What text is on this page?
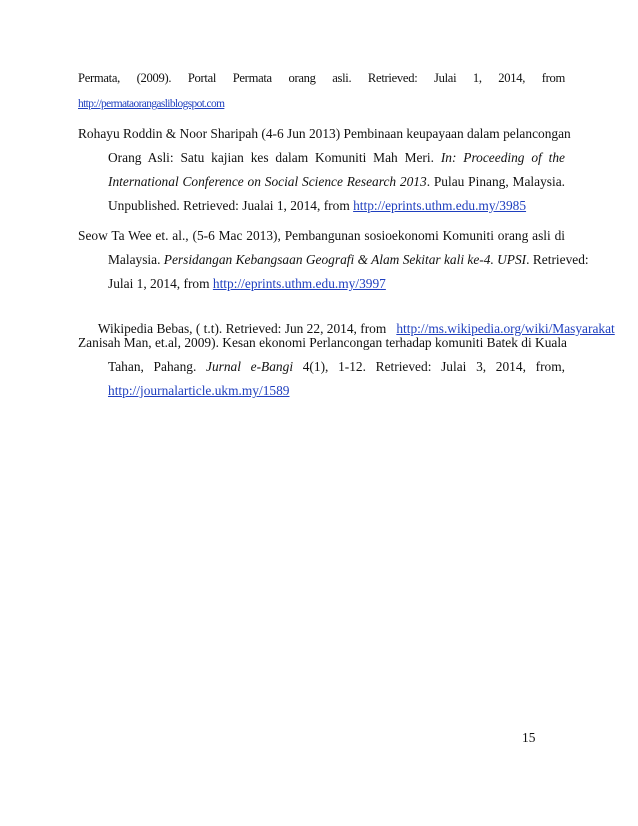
Permata, (2009). Portal Permata orang asli. Retrieved: Julai 1, 2014, from
http://permataorangasliblogspot.com
Rohayu Roddin & Noor Sharipah (4-6 Jun 2013) Pembinaan keupayaan dalam pelancongan
Orang Asli: Satu kajian kes dalam Komuniti Mah Meri. In: Proceeding of the
International Conference on Social Science Research 2013. Pulau Pinang, Malaysia.
Unpublished. Retrieved: Jualai 1, 2014, from http://eprints.uthm.edu.my/3985
Seow Ta Wee et. al., (5-6 Mac 2013), Pembangunan sosioekonomi Komuniti orang asli di
Malaysia. Persidangan Kebangsaan Geografi & Alam Sekitar kali ke-4. UPSI. Retrieved:
Julai 1, 2014, from http://eprints.uthm.edu.my/3997

Wikipedia Bebas, ( t.t). Retrieved: Jun 22, 2014, from   http://ms.wikipedia.org/wiki/Masyarakat

Zanisah Man, et.al, 2009). Kesan ekonomi Perlancongan terhadap komuniti Batek di Kuala
Tahan, Pahang. Jurnal e-Bangi 4(1), 1-12. Retrieved: Julai 3, 2014, from,
http://journalarticle.ukm.my/1589
15
